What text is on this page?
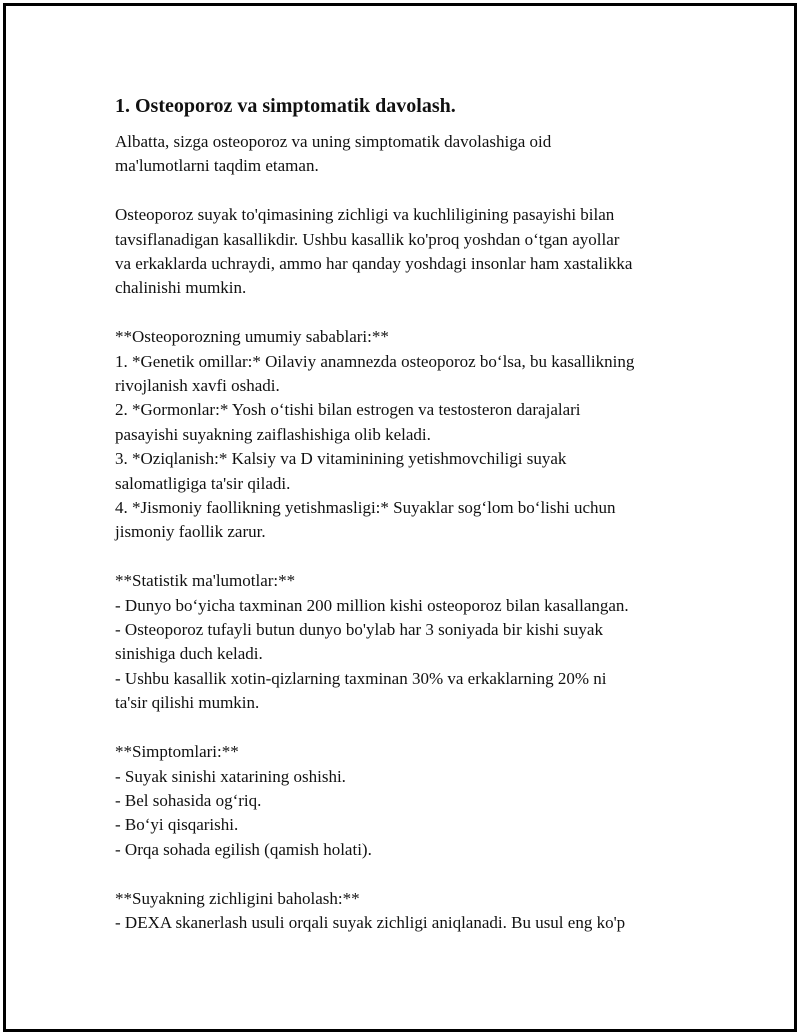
1. Osteoporoz va simptomatik davolash.

Albatta, sizga osteoporoz va uning simptomatik davolashiga oid
ma'lumotlarni taqdim etaman.

Osteoporoz suyak to'qimasining zichligi va kuchliligining pasayishi bilan
tavsiflanadigan kasallikdir. Ushbu kasallik ko'proq yoshdan oʻtgan ayollar
va erkaklarda uchraydi, ammo har qanday yoshdagi insonlar ham xastalikka
chalinishi mumkin.

**Osteoporozning umumiy sabablari:**
1. *Genetik omillar:* Oilaviy anamnezda osteoporoz boʻlsa, bu kasallikning
rivojlanish xavfi oshadi.
2. *Gormonlar:* Yosh oʻtishi bilan estrogen va testosteron darajalari
pasayishi suyakning zaiflashishiga olib keladi.
3. *Oziqlanish:* Kalsiy va D vitaminining yetishmovchiligi suyak
salomatligiga ta'sir qiladi.
4. *Jismoniy faollikning yetishmasligi:* Suyaklar sogʻlom boʻlishi uchun
jismoniy faollik zarur.

**Statistik ma'lumotlar:**
- Dunyo boʻyicha taxminan 200 million kishi osteoporoz bilan kasallangan.
- Osteoporoz tufayli butun dunyo bo'ylab har 3 soniyada bir kishi suyak
sinishiga duch keladi.
- Ushbu kasallik xotin-qizlarning taxminan 30% va erkaklarning 20% ni
ta'sir qilishi mumkin.

**Simptomlari:**
- Suyak sinishi xatarining oshishi.
- Bel sohasida ogʻriq.
- Boʻyi qisqarishi.
- Orqa sohada egilish (qamish holati).

**Suyakning zichligini baholash:**
- DEXA skanerlash usuli orqali suyak zichligi aniqlanadi. Bu usul eng ko'p
